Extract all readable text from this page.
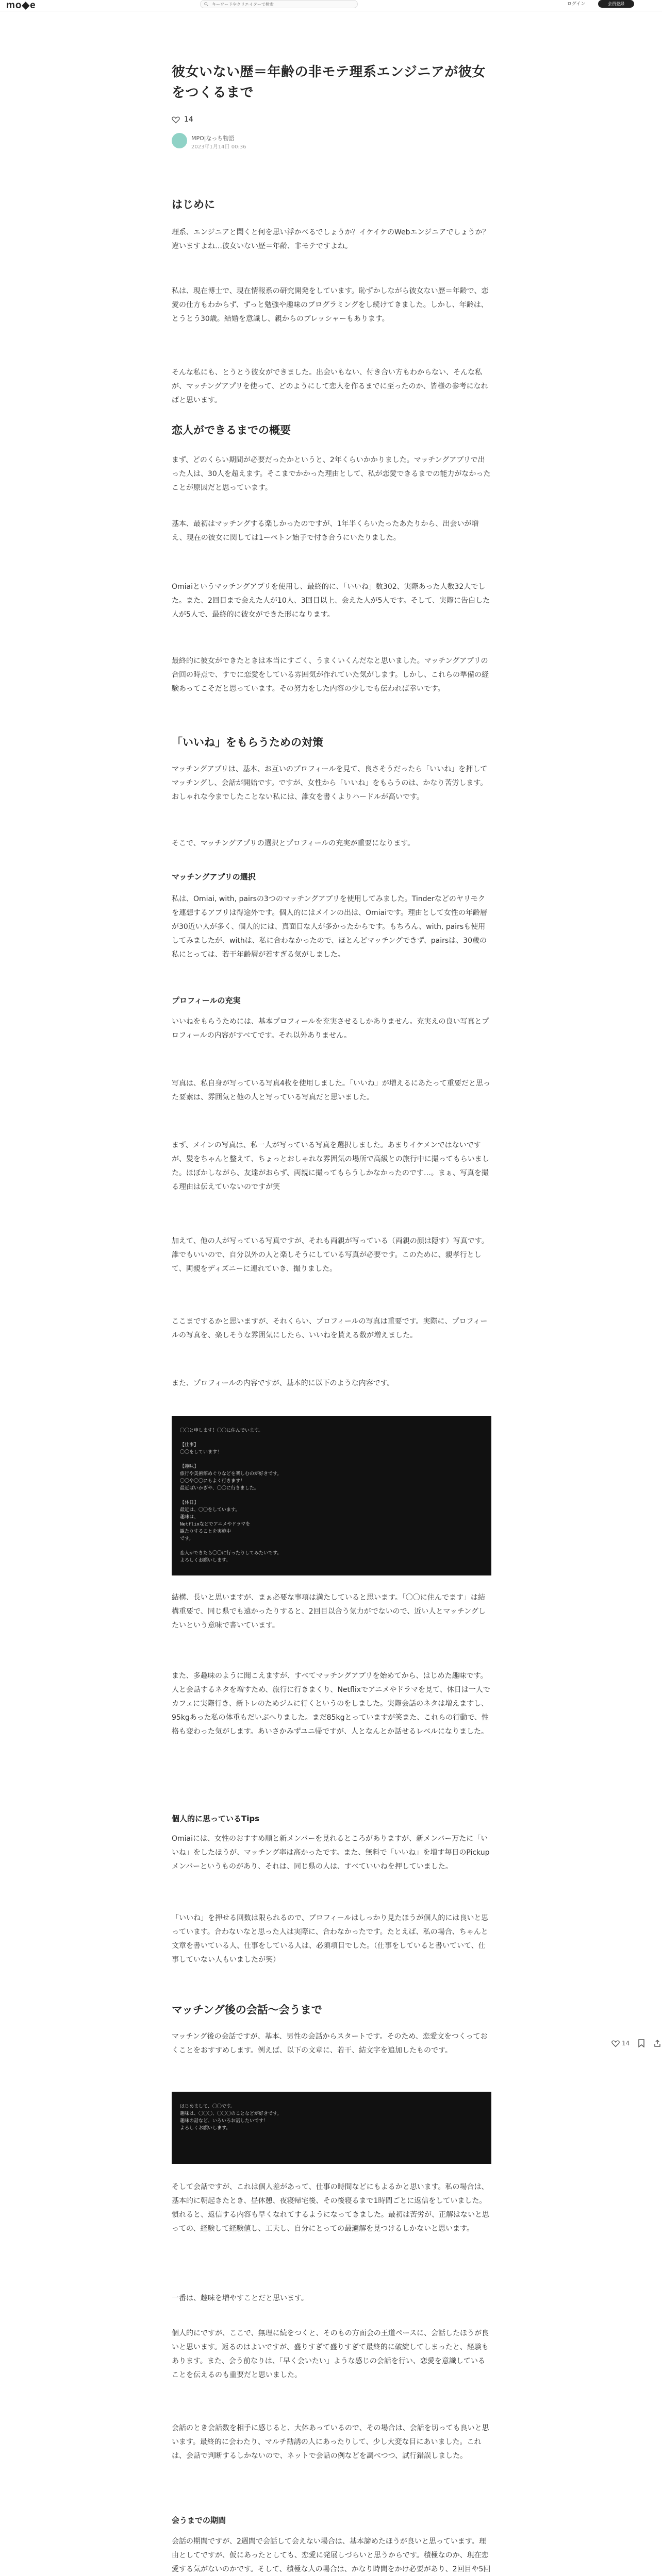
mo◆e
キーワードやクリエイターで検索	ログイン	会員登録
彼女いない歴＝年齢の非モテ理系エンジニアが彼女をつくるまで
14
MPO|なっち物語
2023年1月14日 00:36
はじめに

理系、エンジニアと聞くと何を思い浮かべるでしょうか？イケイケのWebエンジニアでしょうか？違いますよね…彼女いない歴＝年齢、非モテですよね。

私は、現在博士で、現在情報系の研究開発をしています。恥ずかしながら彼女ない歴＝年齢で、恋愛の仕方もわからず、ずっと勉強や趣味のプログラミングをし続けてきました。しかし、年齢は、とうとう30歳。結婚を意識し、親からのプレッシャーもあります。

そんな私にも、とうとう彼女ができました。出会いもない、付き合い方もわからない、そんな私が、マッチングアプリを使って、どのようにして恋人を作るまでに至ったのか、皆様の参考になればと思います。

恋人ができるまでの概要

まず、どのくらい期間が必要だったかというと、2年くらいかかりました。マッチングアプリで出った人は、30人を超えます。そこまでかかった理由として、私が恋愛できるまでの能力がなかったことが原因だと思っています。

基本、最初はマッチングする楽しかったのですが、1年半くらいたったあたりから、出会いが増え、現在の彼女に関しては1ーペトン始子で付き合うにいたりました。

Omiaiというマッチングアプリを使用し、最終的に、「いいね」数302、実際あった人数32人でした。また、2回目まで会えた人が10人、3回目以上、会えた人が5人です。そして、実際に告白した人が5人で、最終的に彼女ができた形になります。

最終的に彼女ができたときは本当にすごく、うまくいくんだなと思いました。マッチングアプリの合回の時点で、すでに恋愛をしている雰囲気が作れていた気がします。しかし、これらの準備の経験あってこそだと思っています。その努力をした内容の少しでも伝われば幸いです。

「いいね」をもらうための対策

マッチングアプリは、基本、お互いのプロフィールを見て、良さそうだったら「いいね」を押してマッチングし、会話が開始です。ですが、女性から「いいね」をもらうのは、かなり苦労します。おしゃれな今までしたことない私には、誰女を書くよりハードルが高いです。

そこで、マッチングアプリの選択とプロフィールの充実が重要になります。

マッチングアプリの選択

私は、Omiai, with, pairsの3つのマッチングアプリを使用してみました。Tinderなどのヤリモクを連想するアプリは得途外です。個人的にはメインの出は、Omiaiです。理由として女性の年齢層が30近い人が多く、個人的には、真面目な人が多かったからです。もちろん、with, pairsも使用してみましたが、withは、私に合わなかったので、ほとんどマッチングできず、pairsは、30歳の私にとっては、若干年齢層が若すぎる気がしました。

プロフィールの充実

いいねをもらうためには、基本プロフィールを充実させるしかありません。充実えの良い写真とプロフィールの内容がすべてです。それ以外ありません。

写真は、私自身が写っている写真4枚を使用しました。「いいね」が増えるにあたって重要だと思った要素は、雰囲気と他の人と写っている写真だと思いました。

まず、メインの写真は、私一人が写っている写真を選択しました。あまりイケメンではないですが、髪をちゃんと整えて、ちょっとおしゃれな雰囲気の場所で高級との旅行中に撮ってもらいました。ほぼかしながら、友達がおらず、両親に撮ってもらうしかなかったのです…。まぁ、写真を撮る理由は伝えていないのですが笑

加えて、他の人が写っている写真ですが、それも両親が写っている（両親の顔は隠す）写真です。誰でもいいので、自分以外の人と楽しそうにしている写真が必要です。このために、親孝行として、両親をディズニーに連れていき、撮りました。

ここまでするかと思いますが、それくらい、プロフィールの写真は重要です。実際に、プロフィールの写真を、楽しそうな雰囲気にしたら、いいねを貰える数が増えました。

また、プロフィールの内容ですが、基本的に以下のような内容です。

〇〇と申します！〇〇に住んでいます。

【仕事】
〇〇をしています！

【趣味】
旅行や美術館めぐりなどを楽しむのが好きです。
〇〇や〇〇にもよく行きます！
最近ぱいかぎや、〇〇に行きました。

【休日】
最近は、〇〇をしています。
趣味は、
Netflixなどでアニメやドラマを
観たりすることを実施中
です。

恋人ができたら〇〇に行ったりしてみたいです。
よろしくお願いします。

結構、長いと思いますが、まぁ必要な事項は満たしていると思います。「〇〇に住んでます」は結構重要で、同じ県でも遠かったりすると、2回目以合う気力がでないので、近い人とマッチングしたいという意味で書いています。

また、多趣味のように聞こえますが、すべてマッチングアプリを始めてから、はじめた趣味です。人と会話するネタを増すため、旅行に行きまくり、Netflixでアニメやドラマを見て、休日は一人でカフェに実際行き、新トレのためジムに行くというのをしました。実際会話のネタは増えますし、95kgあった私の体重もだいぶへりました。まだ85kgとっていますが笑また、これらの行動で、性格も変わった気がします。あいさかみずユニ帰ですが、人となんとか話せるレベルになりました。

個人的に思っているTips

Omiaiには、女性のおすすめ順と新メンバーを見れるところがありますが、新メンバー万たに「いいね」をしたほうが、マッチング率は高かったです。また、無料で「いいね」を増す毎日のPickupメンバーというものがあり、それは、同じ県の人は、すべていいねを押していました。

「いいね」を押せる回数は限られるので、プロフィールはしっかり見たほうが個人的には良いと思っています。合わないなと思った人は実際に、合わなかったです。たとえば、私の場合、ちゃんと文章を書いている人、仕事をしている人は、必須項目でした。（仕事をしていると書いていて、仕事していない人もいましたが笑）

マッチング後の会話〜会うまで

マッチング後の会話ですが、基本、男性の会話からスタートです。そのため、恋愛文をつくっておくことをおすすめします。例えば、以下の文章に、若干、結文字を追加したものです。

はじめまして、〇〇です。
趣味は、〇〇〇、〇〇〇のことなどが好きです。
趣味の話など、いろいろお話したいです！
よろしくお願いします。

そして会話ですが、これは個人差があって、仕事の時間などにもよるかと思います。私の場合は、基本的に朝起きたとき、昼休憩、夜寝帰宅後、その後寝るまで1時間ごとに返信をしていました。慣れると、返信する内容も早くなれてするようになってきました。最初は苦労が、正解はないと思っての、経験して経験値し、工夫し、自分にとっての最適解を見つけるしかないと思います。

一番は、趣味を増やすことだと思います。

個人的にですが、ここで、無理に続をつくと、そのもの方面会の王道ペースに、会話したほうが良いと思います。返るのはよいですが、盛りすぎて盛りすぎて最終的に破綻してしまったと、経験もあります。また、会う前なりは、「早く会いたい」ような感じの会話を行い、恋愛を意識していることを伝えるのも重要だと思いました。

会話のとき会話数を相手に感じると、大体あっているので、その場合は、会話を切っても良いと思います。最終的に会わたり、マルチ勧誘の人にあったりして、少し大変な目にあいました。これは、会話で判断するしかないので、ネットで会話の例などを調べつつ、試行錯誤しました。

会うまでの期間

会話の期間ですが、2週間で会話して会えない場合は、基本諦めたほうが良いと思っています。理由としてですが、仮にあったとしても、恋愛に発展しづらいと思うからです。積極なのか、現在恋愛する気がないのかです。そして、積極な人の場合は、かなり時間をかけ必要があり、2回目や5回

14
